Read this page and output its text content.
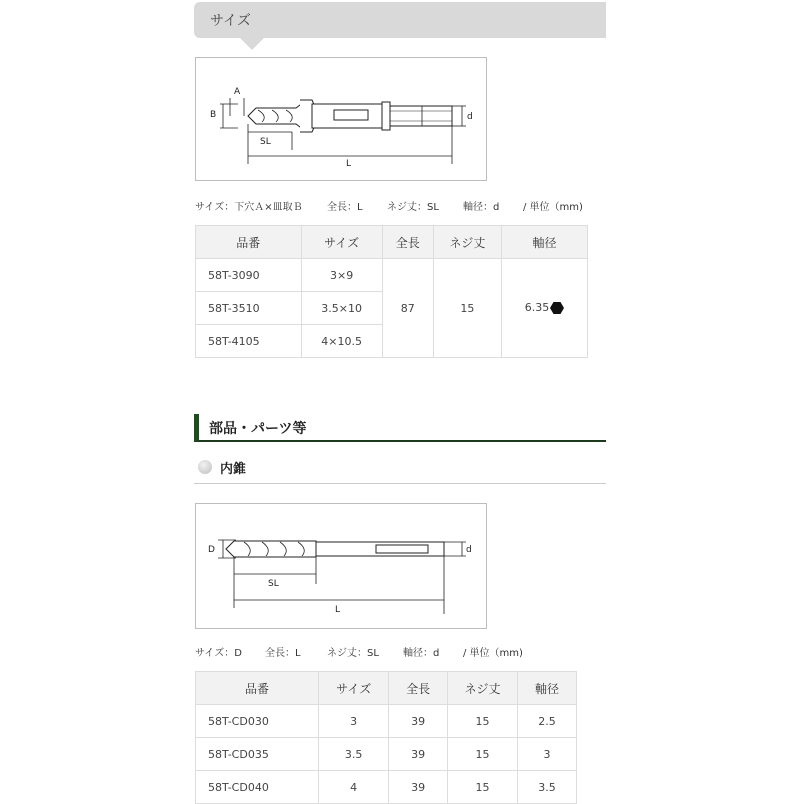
サイズ
A
B	d
SL
L
サイズ：下穴Ａ×皿取Ｂ 全長：L ネジ丈：SL 軸径：d / 単位（mm)
品番	サイズ	全長	ネジ丈	軸径
58T-3090	3×9	87	15	6.35
58T-3510	3.5×10			
58T-4105	4×10.5			
部品・パーツ等
内錐
D	d
SL
L
サイズ：D 全長：L	ネジ丈：SL 軸径：d / 単位（mm)
品番	サイズ	全長	ネジ丈	軸径
58T-CD030	3	39	15	2.5
58T-CD035	3.5	39	15	3
58T-CD040	4	39	15	3.5
